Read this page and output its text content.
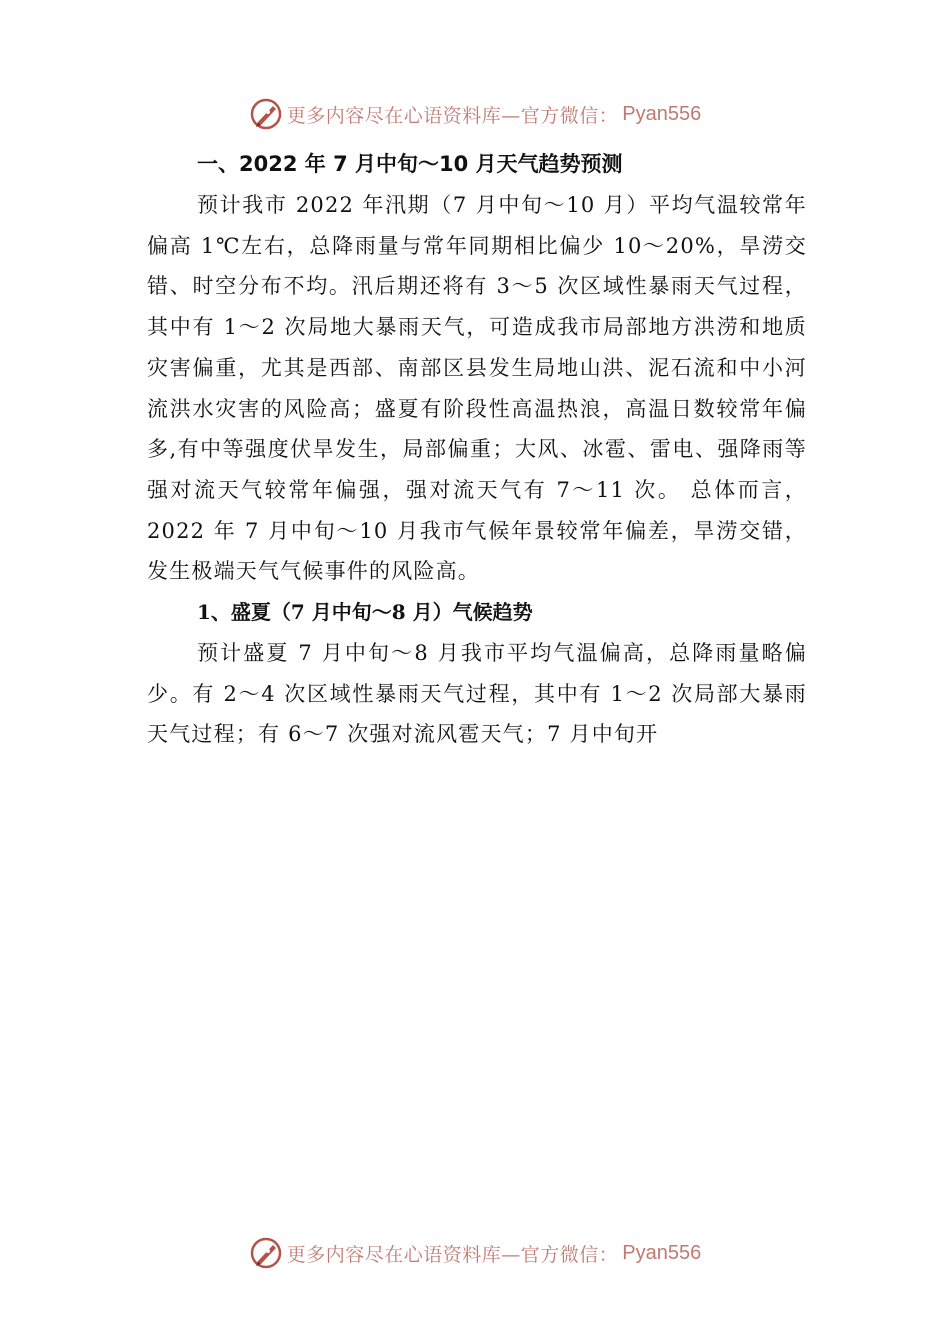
更多内容尽在心语资料库—官方微信： Pyan556
一、2022 年 7 月中旬～10 月天气趋势预测

预计我市 2022 年汛期（7 月中旬～10 月）平均气温较常年偏高 1℃左右，总降雨量与常年同期相比偏少 10～20%，旱涝交错、时空分布不均。汛后期还将有 3～5 次区域性暴雨天气过程，其中有 1～2 次局地大暴雨天气，可造成我市局部地方洪涝和地质灾害偏重，尤其是西部、南部区县发生局地山洪、泥石流和中小河流洪水灾害的风险高；盛夏有阶段性高温热浪，高温日数较常年偏多,有中等强度伏旱发生，局部偏重；大风、冰雹、雷电、强降雨等强对流天气较常年偏强，强对流天气有 7～11 次。 总体而言，2022 年 7 月中旬～10 月我市气候年景较常年偏差，旱涝交错，发生极端天气气候事件的风险高。

1、盛夏（7 月中旬～8 月）气候趋势

预计盛夏 7 月中旬～8 月我市平均气温偏高，总降雨量略偏少。有 2～4 次区域性暴雨天气过程，其中有 1～2 次局部大暴雨天气过程；有 6～7 次强对流风雹天气；7 月中旬开

更多内容尽在心语资料库—官方微信： Pyan556
